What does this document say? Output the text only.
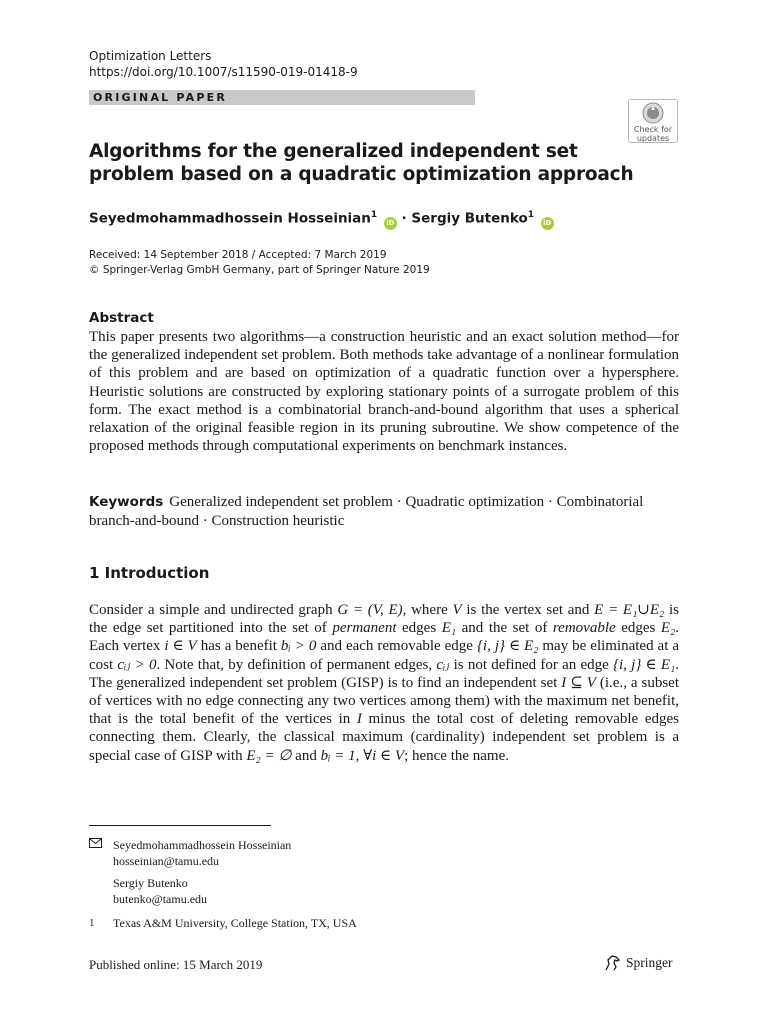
Optimization Letters
https://doi.org/10.1007/s11590-019-01418-9
ORIGINAL PAPER
Check for
updates
Algorithms for the generalized independent set problem based on a quadratic optimization approach
Seyedmohammadhossein Hosseinian$^1$ iD · Sergiy Butenko$^1$ iD
Received: 14 September 2018 / Accepted: 7 March 2019
© Springer-Verlag GmbH Germany, part of Springer Nature 2019
Abstract

This paper presents two algorithms—a construction heuristic and an exact solution method—for the generalized independent set problem. Both methods take advantage of a nonlinear formulation of this problem and are based on optimization of a quadratic function over a hypersphere. Heuristic solutions are constructed by exploring stationary points of a surrogate problem of this form. The exact method is a combinatorial branch-and-bound algorithm that uses a spherical relaxation of the original feasible region in its pruning subroutine. We show competence of the proposed methods through computational experiments on benchmark instances.

Keywords Generalized independent set problem · Quadratic optimization · Combinatorial branch-and-bound · Construction heuristic
1 Introduction

Consider a simple and undirected graph G = (V, E), where V is the vertex set and E = E₁∪E₂ is the edge set partitioned into the set of permanent edges E₁ and the set of removable edges E₂. Each vertex i ∈ V has a benefit bᵢ > 0 and each removable edge {i, j} ∈ E₂ may be eliminated at a cost cᵢⱼ > 0. Note that, by definition of permanent edges, cᵢⱼ is not defined for an edge {i, j} ∈ E₁. The generalized independent set problem (GISP) is to find an independent set I ⊆ V (i.e., a subset of vertices with no edge connecting any two vertices among them) with the maximum net benefit, that is the total benefit of the vertices in I minus the total cost of deleting removable edges connecting them. Clearly, the classical maximum (cardinality) independent set problem is a special case of GISP with E₂ = ∅ and bᵢ = 1, ∀i ∈ V; hence the name.

Seyedmohammadhossein Hosseinian
hosseinian@tamu.edu
Sergiy Butenko
butenko@tamu.edu
1	Texas A&M University, College Station, TX, USA
Published online: 15 March 2019	Springer
